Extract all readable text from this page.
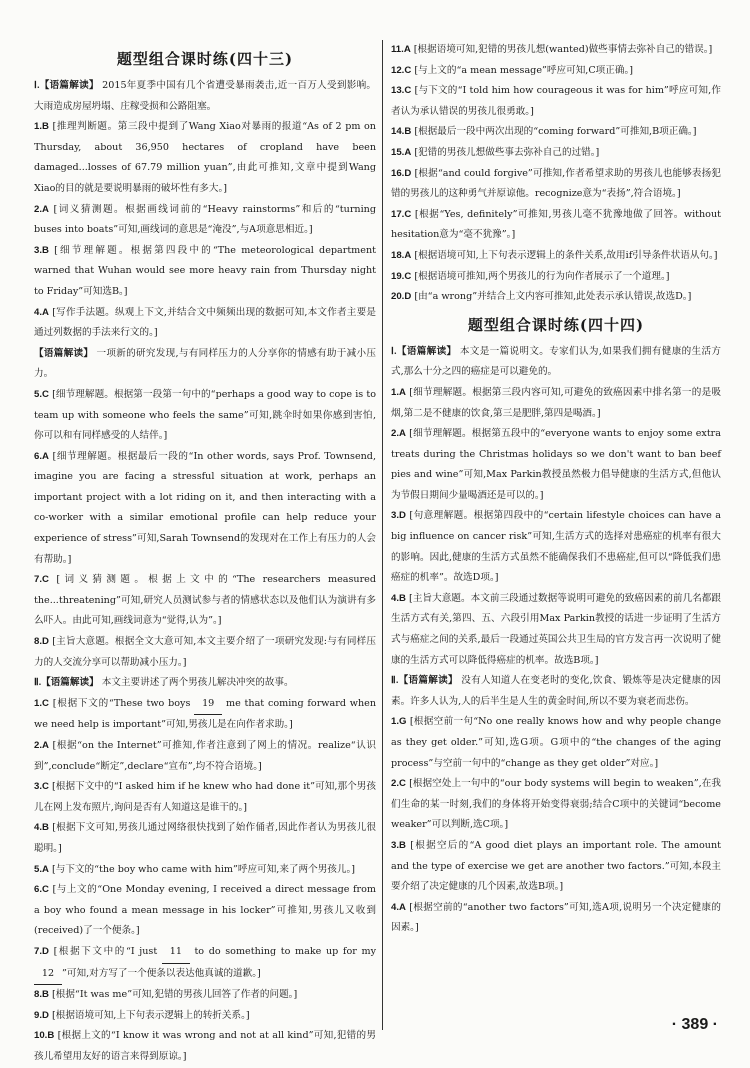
题型组合课时练(四十三)

Ⅰ.【语篇解读】 2015年夏季中国有几个省遭受暴雨袭击,近一百万人受到影响。大雨造成房屋坍塌、庄稼受损和公路阻塞。

1.B [推理判断题。第三段中提到了Wang Xiao对暴雨的报道“As of 2 pm on Thursday, about 36,950 hectares of cropland have been damaged...losses of 67.79 million yuan”,由此可推知,文章中提到Wang Xiao的目的就是要说明暴雨的破坏性有多大。]

2.A [词义猜测题。根据画线词前的“Heavy rainstorms”和后的“turning buses into boats”可知,画线词的意思是“淹没”,与A项意思相近。]

3.B [细节理解题。根据第四段中的“The meteorological department warned that Wuhan would see more heavy rain from Thursday night to Friday”可知选B。]

4.A [写作手法题。纵观上下文,并结合文中频频出现的数据可知,本文作者主要是通过列数据的手法来行文的。]

【语篇解读】 一项新的研究发现,与有同样压力的人分享你的情感有助于减小压力。

5.C [细节理解题。根据第一段第一句中的“perhaps a good way to cope is to team up with someone who feels the same”可知,跳伞时如果你感到害怕,你可以和有同样感受的人结伴。]

6.A [细节理解题。根据最后一段的“In other words, says Prof. Townsend, imagine you are facing a stressful situation at work, perhaps an important project with a lot riding on it, and then interacting with a co-worker with a similar emotional profile can help reduce your experience of stress”可知,Sarah Townsend的发现对在工作上有压力的人会有帮助。]

7.C [词义猜测题。根据上文中的“The researchers measured the...threatening”可知,研究人员测试参与者的情感状态以及他们认为演讲有多么吓人。由此可知,画线词意为“觉得,认为”。]

8.D [主旨大意题。根据全文大意可知,本文主要介绍了一项研究发现:与有同样压力的人交流分享可以帮助减小压力。]

Ⅱ.【语篇解读】 本文主要讲述了两个男孩儿解决冲突的故事。

1.C [根据下文的“These two boys 19 me that coming forward when we need help is important”可知,男孩儿是在向作者求助。]

2.A [根据“on the Internet”可推知,作者注意到了网上的情况。realize“认识到”,conclude“断定”,declare“宣布”,均不符合语境。]

3.C [根据下文中的“I asked him if he knew who had done it”可知,那个男孩儿在网上发布照片,询问是否有人知道这是谁干的。]

4.B [根据下文可知,男孩儿通过网络很快找到了始作俑者,因此作者认为男孩儿很聪明。]

5.A [与下文的“the boy who came with him”呼应可知,来了两个男孩儿。]

6.C [与上文的“One Monday evening, I received a direct message from a boy who found a mean message in his locker”可推知,男孩儿又收到(received)了一个便条。]

7.D [根据下文中的“I just 11 to do something to make up for my 12 ”可知,对方写了一个便条以表达他真诚的道歉。]

8.B [根据“It was me”可知,犯错的男孩儿回答了作者的问题。]

9.D [根据语境可知,上下句表示逻辑上的转折关系。]

10.B [根据上文的“I know it was wrong and not at all kind”可知,犯错的男孩儿希望用友好的语言来得到原谅。]

11.A [根据语境可知,犯错的男孩儿想(wanted)做些事情去弥补自己的错误。]

12.C [与上文的“a mean message”呼应可知,C项正确。]

13.C [与下文的“I told him how courageous it was for him”呼应可知,作者认为承认错误的男孩儿很勇敢。]

14.B [根据最后一段中两次出现的“coming forward”可推知,B项正确。]

15.A [犯错的男孩儿想做些事去弥补自己的过错。]

16.D [根据“and could forgive”可推知,作者希望求助的男孩儿也能够表扬犯错的男孩儿的这种勇气并原谅他。recognize意为“表扬”,符合语境。]

17.C [根据“Yes, definitely”可推知,男孩儿毫不犹豫地做了回答。without hesitation意为“毫不犹豫”。]

18.A [根据语境可知,上下句表示逻辑上的条件关系,故用if引导条件状语从句。]

19.C [根据语境可推知,两个男孩儿的行为向作者展示了一个道理。]

20.D [由“a wrong”并结合上文内容可推知,此处表示承认错误,故选D。]

题型组合课时练(四十四)

Ⅰ.【语篇解读】 本文是一篇说明文。专家们认为,如果我们拥有健康的生活方式,那么十分之四的癌症是可以避免的。

1.A [细节理解题。根据第三段内容可知,可避免的致癌因素中排名第一的是吸烟,第二是不健康的饮食,第三是肥胖,第四是喝酒。]

2.A [细节理解题。根据第五段中的“everyone wants to enjoy some extra treats during the Christmas holidays so we don't want to ban beef pies and wine”可知,Max Parkin教授虽然极力倡导健康的生活方式,但他认为节假日期间少量喝酒还是可以的。]

3.D [句意理解题。根据第四段中的“certain lifestyle choices can have a big influence on cancer risk”可知,生活方式的选择对患癌症的机率有很大的影响。因此,健康的生活方式虽然不能确保我们不患癌症,但可以“降低我们患癌症的机率”。故选D项。]

4.B [主旨大意题。本文前三段通过数据等说明可避免的致癌因素的前几名都跟生活方式有关,第四、五、六段引用Max Parkin教授的话进一步证明了生活方式与癌症之间的关系,最后一段通过英国公共卫生局的官方发言再一次说明了健康的生活方式可以降低得癌症的机率。故选B项。]

Ⅱ.【语篇解读】 没有人知道人在变老时的变化,饮食、锻炼等是决定健康的因素。许多人认为,人的后半生是人生的黄金时间,所以不要为衰老而悲伤。

1.G [根据空前一句“No one really knows how and why people change as they get older.”可知,选G项。G项中的“the changes of the aging process”与空前一句中的“change as they get older”对应。]

2.C [根据空处上一句中的“our body systems will begin to weaken”,在我们生命的某一时刻,我们的身体将开始变得衰弱;结合C项中的关键词“become weaker”可以判断,选C项。]

3.B [根据空后的“A good diet plays an important role. The amount and the type of exercise we get are another two factors.”可知,本段主要介绍了决定健康的几个因素,故选B项。]

4.A [根据空前的“another two factors”可知,选A项,说明另一个决定健康的因素。]

· 389 ·
